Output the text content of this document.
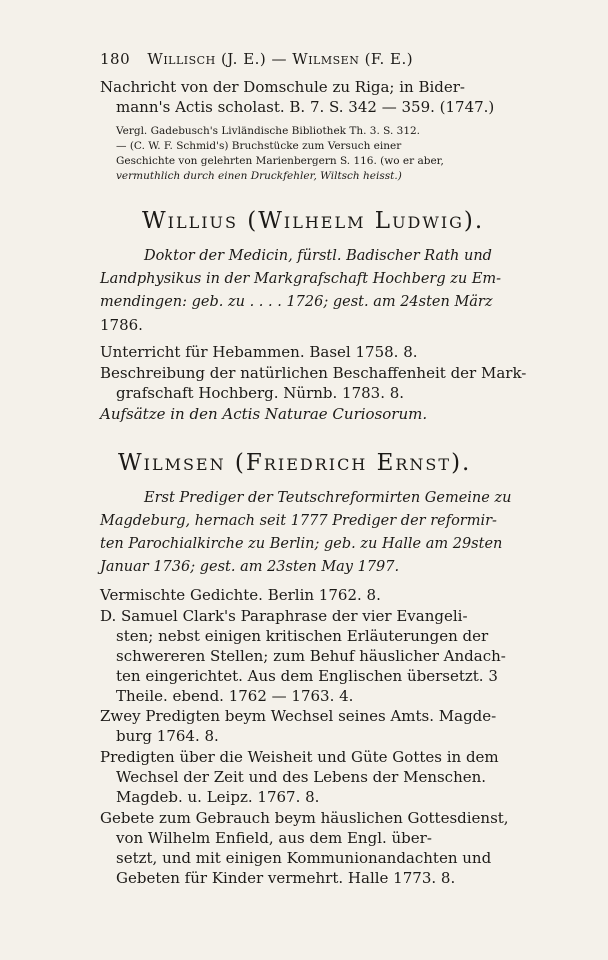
180 Willisch (J. E.) — Wilmsen (F. E.)
Nachricht von der Domschule zu Riga; in Bider-
mann's Actis scholast. B. 7. S. 342 — 359. (1747.)
Vergl. Gadebusch's Livländische Bibliothek Th. 3. S. 312.
— (C. W. F. Schmid's) Bruchstücke zum Versuch einer
Geschichte von gelehrten Marienbergern S. 116. (wo er aber,
vermuthlich durch einen Druckfehler, Wiltsch heisst.)
Willius (Wilhelm Ludwig).
Doktor der Medicin, fürstl. Badischer Rath und
Landphysikus in der Markgrafschaft Hochberg zu Em-
mendingen: geb. zu . . . . 1726; gest. am 24sten März
1786.
Unterricht für Hebammen. Basel 1758. 8.
Beschreibung der natürlichen Beschaffenheit der Mark-
grafschaft Hochberg. Nürnb. 1783. 8.
Aufsätze in den Actis Naturae Curiosorum.
Wilmsen (Friedrich Ernst).
Erst Prediger der Teutschreformirten Gemeine zu
Magdeburg, hernach seit 1777 Prediger der reformir-
ten Parochialkirche zu Berlin; geb. zu Halle am 29sten
Januar 1736; gest. am 23sten May 1797.
Vermischte Gedichte. Berlin 1762. 8.
D. Samuel Clark's Paraphrase der vier Evangeli-
sten; nebst einigen kritischen Erläuterungen der
schwereren Stellen; zum Behuf häuslicher Andach-
ten eingerichtet. Aus dem Englischen übersetzt. 3
Theile. ebend. 1762 — 1763. 4.
Zwey Predigten beym Wechsel seines Amts. Magde-
burg 1764. 8.
Predigten über die Weisheit und Güte Gottes in dem
Wechsel der Zeit und des Lebens der Menschen.
Magdeb. u. Leipz. 1767. 8.
Gebete zum Gebrauch beym häuslichen Gottesdienst,
von Wilhelm Enfield, aus dem Engl. über-
setzt, und mit einigen Kommunionandachten und
Gebeten für Kinder vermehrt. Halle 1773. 8.
